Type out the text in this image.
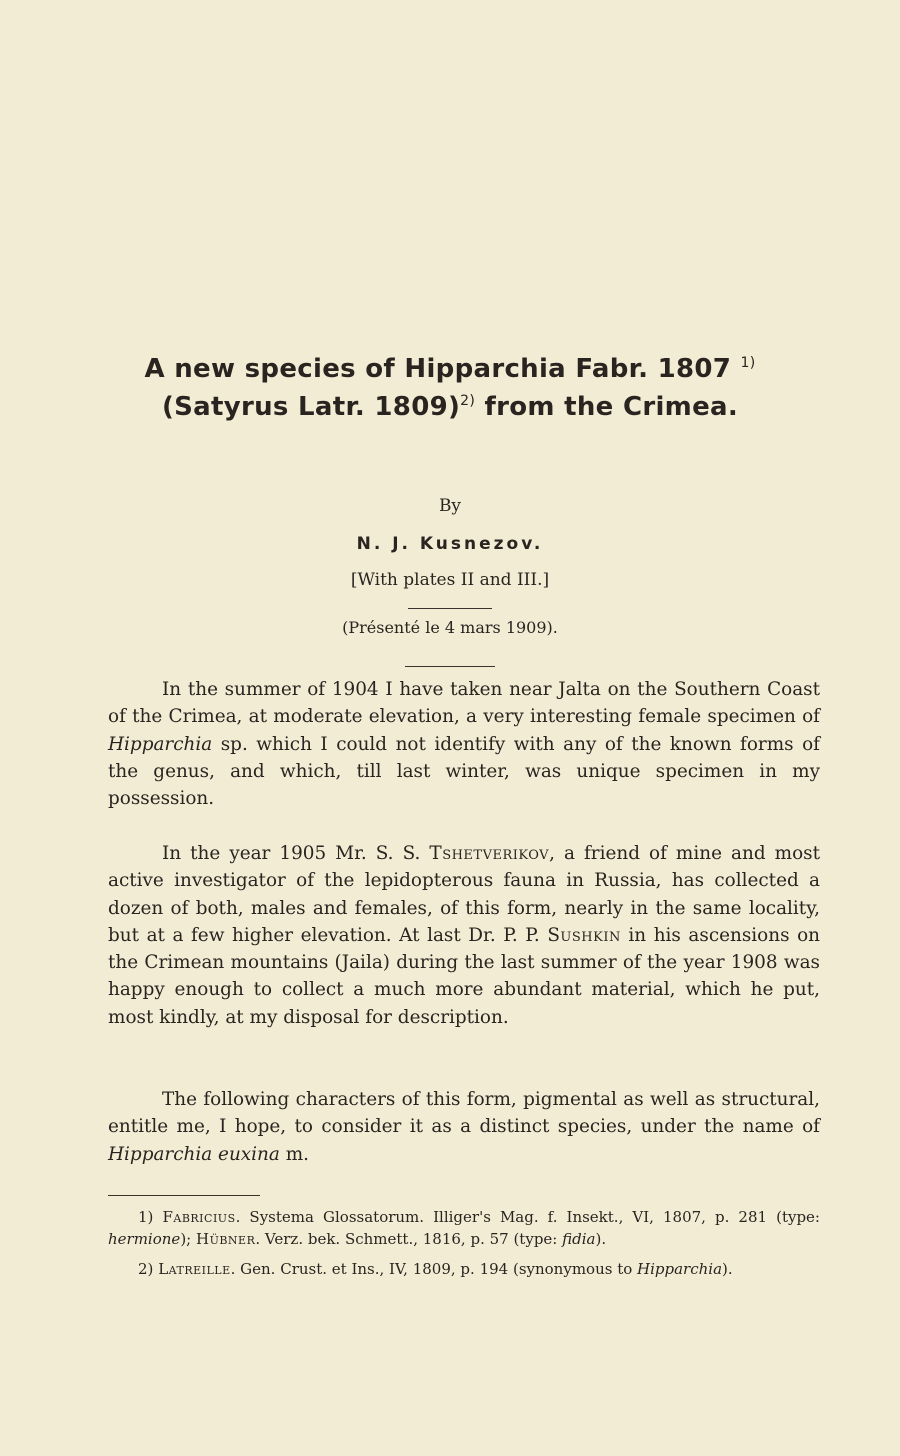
A new species of Hipparchia Fabr. 1807 $^{1)}$
(Satyrus Latr. 1809)$^{2)}$ from the Crimea.
By
N. J. Kusnezov.
[With plates II and III.]
(Présenté le 4 mars 1909).

In the summer of 1904 I have taken near Jalta on the Southern Coast of the Crimea, at moderate elevation, a very interesting female specimen of Hipparchia sp. which I could not identify with any of the known forms of the genus, and which, till last winter, was unique specimen in my possession.

In the year 1905 Mr. S. S. Tshetverikov, a friend of mine and most active investigator of the lepidopterous fauna in Russia, has collected a dozen of both, males and females, of this form, nearly in the same locality, but at a few higher elevation. At last Dr. P. P. Sushkin in his ascensions on the Crimean mountains (Jaila) during the last summer of the year 1908 was happy enough to collect a much more abundant material, which he put, most kindly, at my disposal for description.

The following characters of this form, pigmental as well as structural, entitle me, I hope, to consider it as a distinct species, under the name of Hipparchia euxina m.

1) Fabricius. Systema Glossatorum. Illiger's Mag. f. Insekt., VI, 1807, p. 281 (type: hermione); Hübner. Verz. bek. Schmett., 1816, p. 57 (type: fidia).

2) Latreille. Gen. Crust. et Ins., IV, 1809, p. 194 (synonymous to Hipparchia).
